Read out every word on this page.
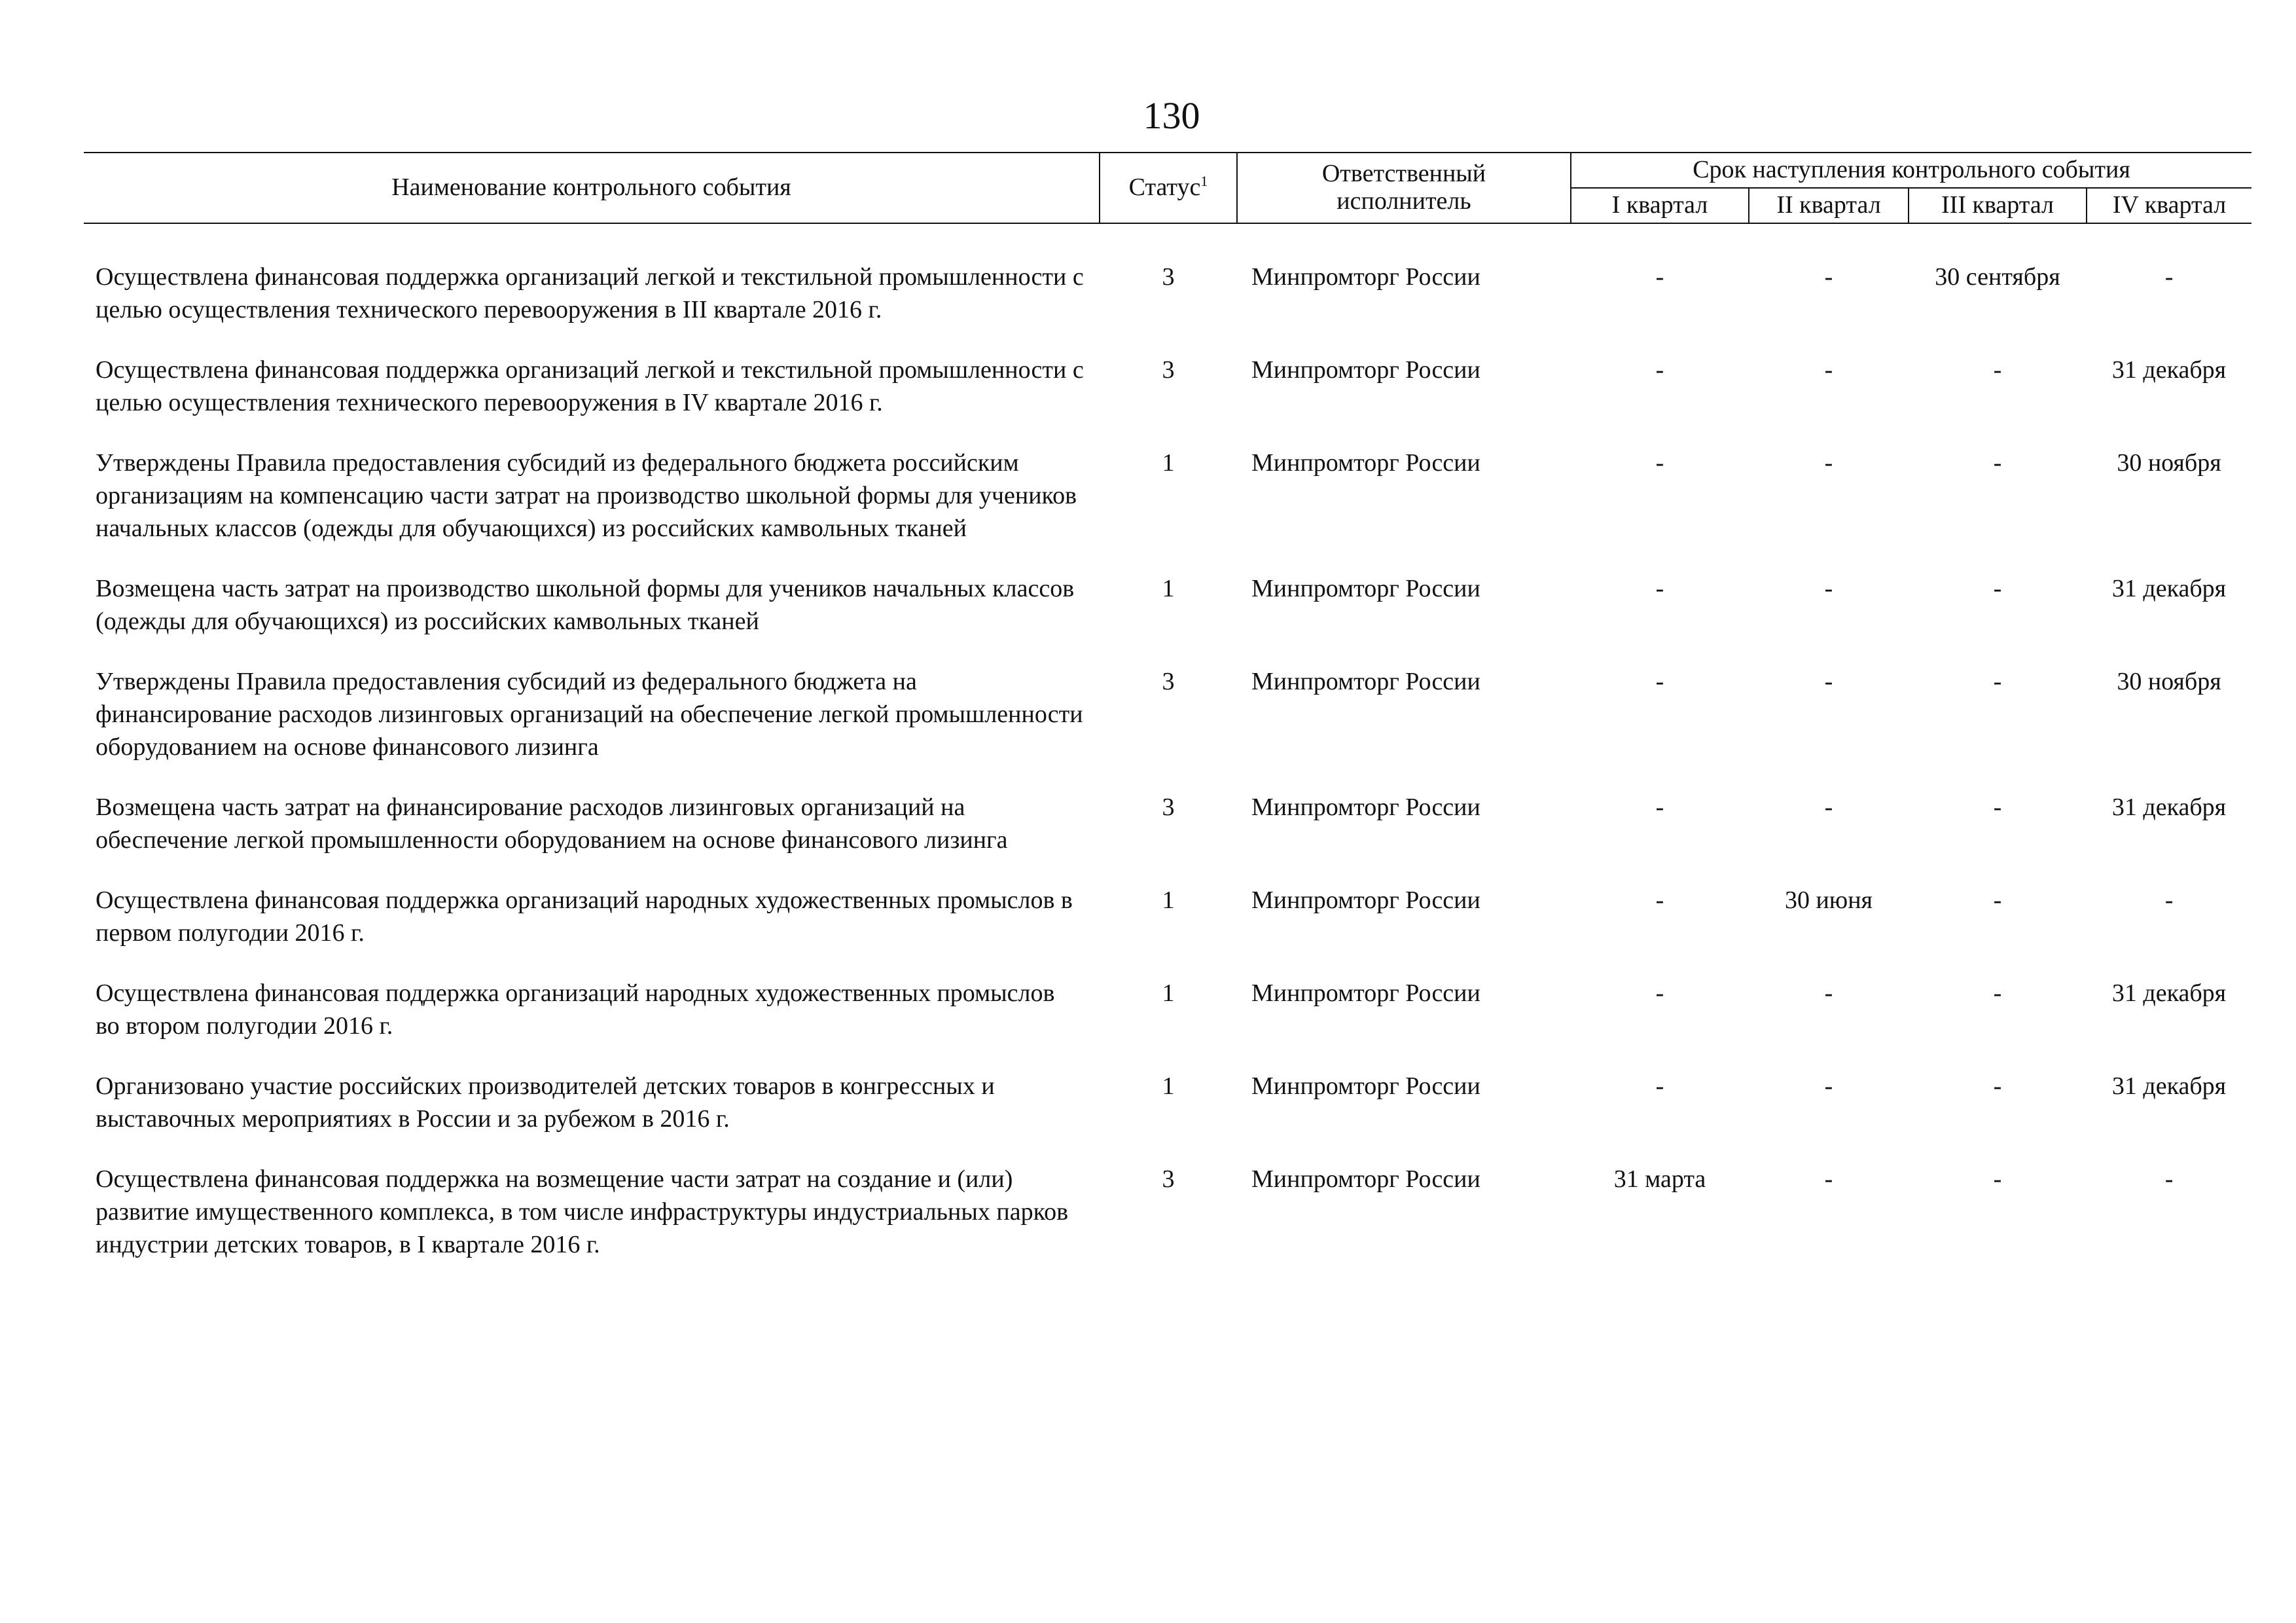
130
Наименование контрольного события	Статус$^1$	Ответственный
исполнитель	Срок наступления контрольного события			
			I квартал	II квартал	III квартал	IV квартал
Осуществлена финансовая поддержка организаций легкой и текстильной промышленности с целью осуществления технического перевооружения в III квартале 2016 г.	3	Минпромторг России	-	-	30 сентября	-
Осуществлена финансовая поддержка организаций легкой и текстильной промышленности с целью осуществления технического перевооружения в IV квартале 2016 г.	3	Минпромторг России	-	-	-	31 декабря
Утверждены Правила предоставления субсидий из федерального бюджета российским организациям на компенсацию части затрат на производство школьной формы для учеников начальных классов (одежды для обучающихся) из российских камвольных тканей	1	Минпромторг России	-	-	-	30 ноября
Возмещена часть затрат на производство школьной формы для учеников начальных классов (одежды для обучающихся) из российских камвольных тканей	1	Минпромторг России	-	-	-	31 декабря
Утверждены Правила предоставления субсидий из федерального бюджета на финансирование расходов лизинговых организаций на обеспечение легкой промышленности оборудованием на основе финансового лизинга	3	Минпромторг России	-	-	-	30 ноября
Возмещена часть затрат на финансирование расходов лизинговых организаций на обеспечение легкой промышленности оборудованием на основе финансового лизинга	3	Минпромторг России	-	-	-	31 декабря
Осуществлена финансовая поддержка организаций народных художественных промыслов в первом полугодии 2016 г.	1	Минпромторг России	-	30 июня	-	-
Осуществлена финансовая поддержка организаций народных художественных промыслов во втором полугодии 2016 г.	1	Минпромторг России	-	-	-	31 декабря
Организовано участие российских производителей детских товаров в конгрессных и выставочных мероприятиях в России и за рубежом в 2016 г.	1	Минпромторг России	-	-	-	31 декабря
Осуществлена финансовая поддержка на возмещение части затрат на создание и (или) развитие имущественного комплекса, в том числе инфраструктуры индустриальных парков индустрии детских товаров, в I квартале 2016 г.	3	Минпромторг России	31 марта	-	-	-
